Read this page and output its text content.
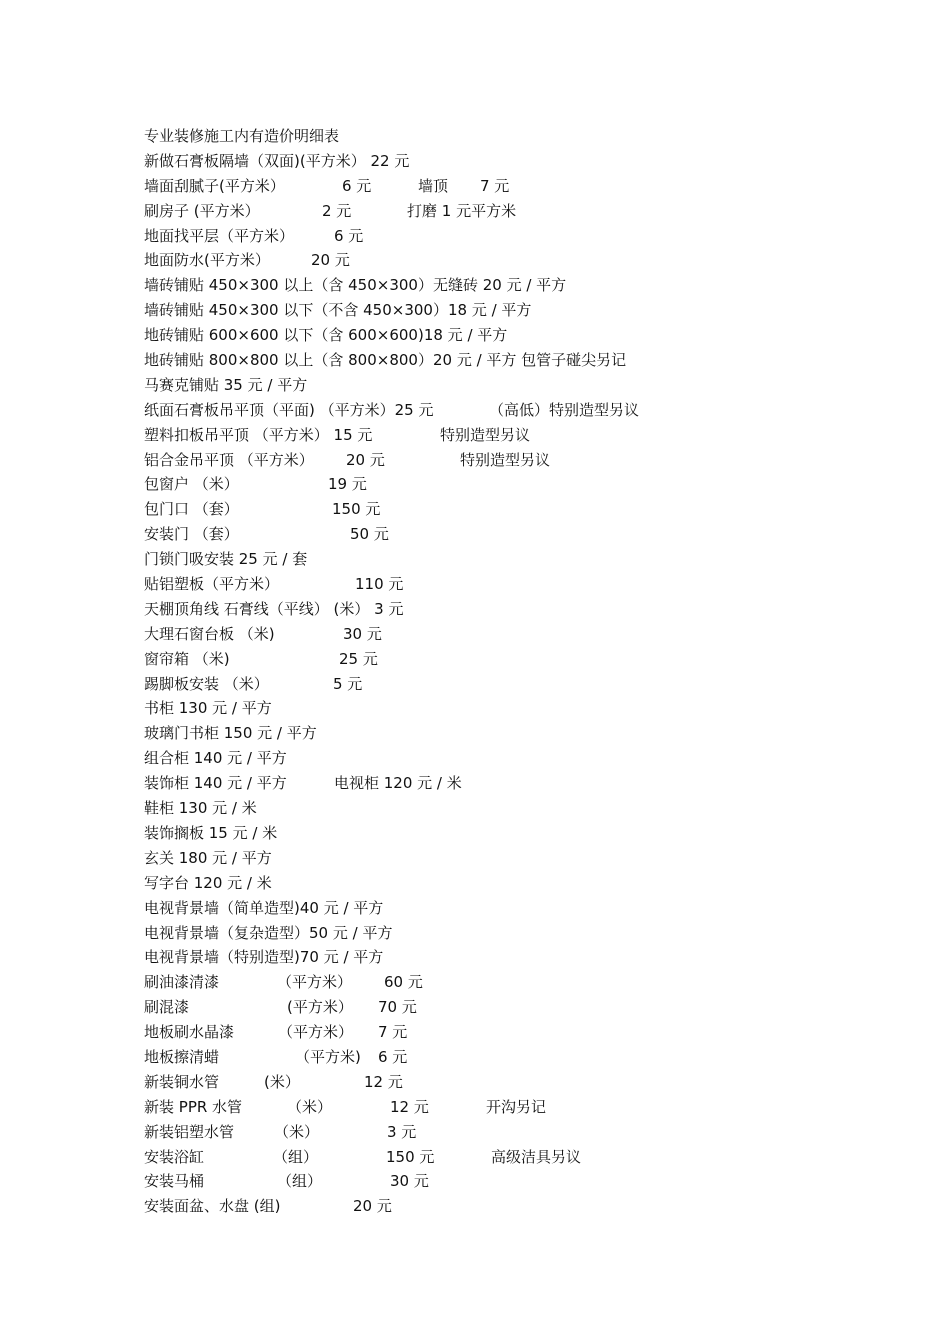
专业装修施工内有造价明细表

新做石膏板隔墙（双面)(平方米） 22 元
墙面刮腻子(平方米）	6 元	墙顶 7 元
刷房子 (平方米）	2 元	打磨 1 元平方米
地面找平层（平方米）	6 元
地面防水(平方米）	20 元
墙砖铺贴 450×300 以上（含 450×300）无缝砖 20 元 / 平方
墙砖铺贴 450×300 以下（不含 450×300）18 元 / 平方
地砖铺贴 600×600 以下（含 600×600)18 元 / 平方
地砖铺贴 800×800 以上（含 800×800）20 元 / 平方 包管子碰尖另记
马赛克铺贴 35 元 / 平方
纸面石膏板吊平顶（平面) （平方米）25 元	（高低）特别造型另议
塑料扣板吊平顶 （平方米） 15 元	特别造型另议
铝合金吊平顶 （平方米） 20 元	特别造型另议
包窗户 （米）	19 元
包门口 （套）	150 元
安装门 （套）	50 元
门锁门吸安装 25 元 / 套
贴铝塑板（平方米）	110 元
天棚顶角线 石膏线（平线） (米） 3 元
大理石窗台板 （米)	30 元
窗帘箱 （米)	25 元
踢脚板安装 （米）	5 元
书柜 130 元 / 平方
玻璃门书柜 150 元 / 平方
组合柜 140 元 / 平方
装饰柜 140 元 / 平方	电视柜 120 元 / 米
鞋柜 130 元 / 米
装饰搁板 15 元 / 米
玄关 180 元 / 平方
写字台 120 元 / 米
电视背景墙（简单造型)40 元 / 平方
电视背景墙（复杂造型）50 元 / 平方
电视背景墙（特别造型)70 元 / 平方
刷油漆清漆	（平方米） 60 元
刷混漆	(平方米） 70 元
地板刷水晶漆	（平方米） 7 元
地板擦清蜡	（平方米) 6 元
新装铜水管	(米）	12 元
新装 PPR 水管	（米）	12 元	开沟另记
新装铝塑水管	（米）	3 元
安装浴缸	（组）	150 元	高级洁具另议
安装马桶	（组）	30 元
安装面盆、水盘 (组)	20 元
